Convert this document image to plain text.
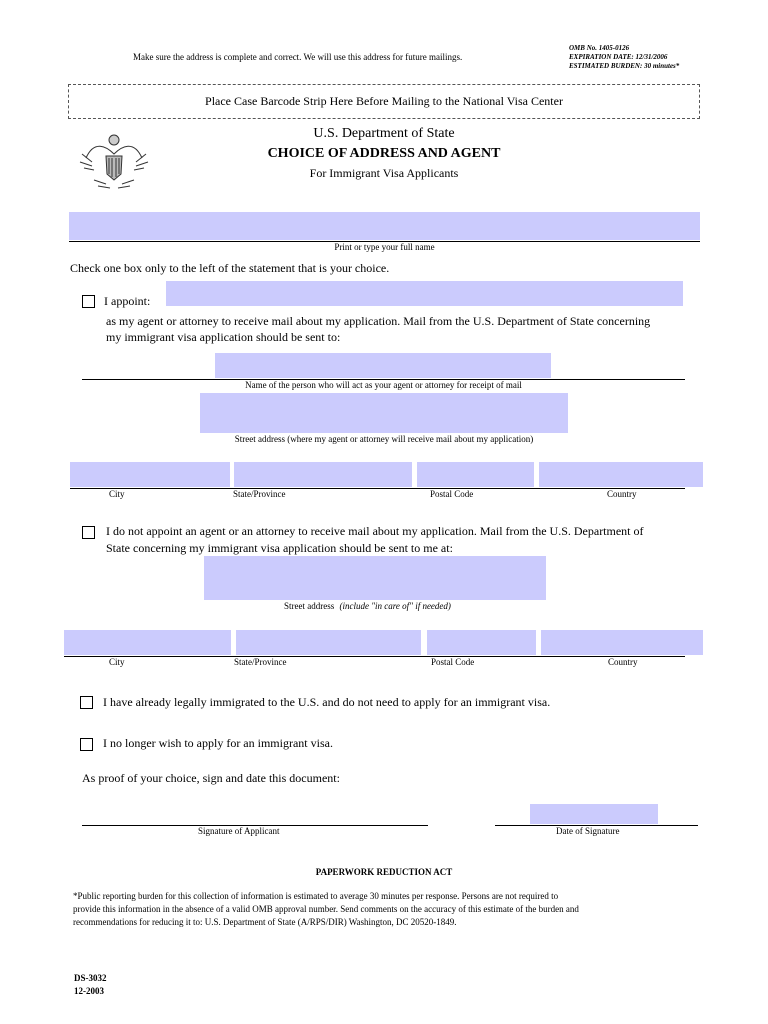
Make sure the address is complete and correct. We will use this address for future mailings.
OMB No. 1405-0126
EXPIRATION DATE: 12/31/2006
ESTIMATED BURDEN: 30 minutes*
Place Case Barcode Strip Here Before Mailing to the National Visa Center
U.S. Department of State
CHOICE OF ADDRESS AND AGENT
For Immigrant Visa Applicants
Print or type your full name
Check one box only to the left of the statement that is your choice.
I appoint:
as my agent or attorney to receive mail about my application. Mail from the U.S. Department of State concerning
my immigrant visa application should be sent to:
Name of the person who will act as your agent or attorney for receipt of mail
Street address (where my agent or attorney will receive mail about my application)
City	State/Province	Postal Code	Country
I do not appoint an agent or an attorney to receive mail about my application. Mail from the U.S. Department of
State concerning my immigrant visa application should be sent to me at:
Street address (include "in care of" if needed)
City	State/Province	Postal Code	Country
I have already legally immigrated to the U.S. and do not need to apply for an immigrant visa.
I no longer wish to apply for an immigrant visa.
As proof of your choice, sign and date this document:
Signature of Applicant	Date of Signature
PAPERWORK REDUCTION ACT
*Public reporting burden for this collection of information is estimated to average 30 minutes per response. Persons are not required to
provide this information in the absence of a valid OMB approval number. Send comments on the accuracy of this estimate of the burden and
recommendations for reducing it to: U.S. Department of State (A/RPS/DIR) Washington, DC 20520-1849.
DS-3032
12-2003
